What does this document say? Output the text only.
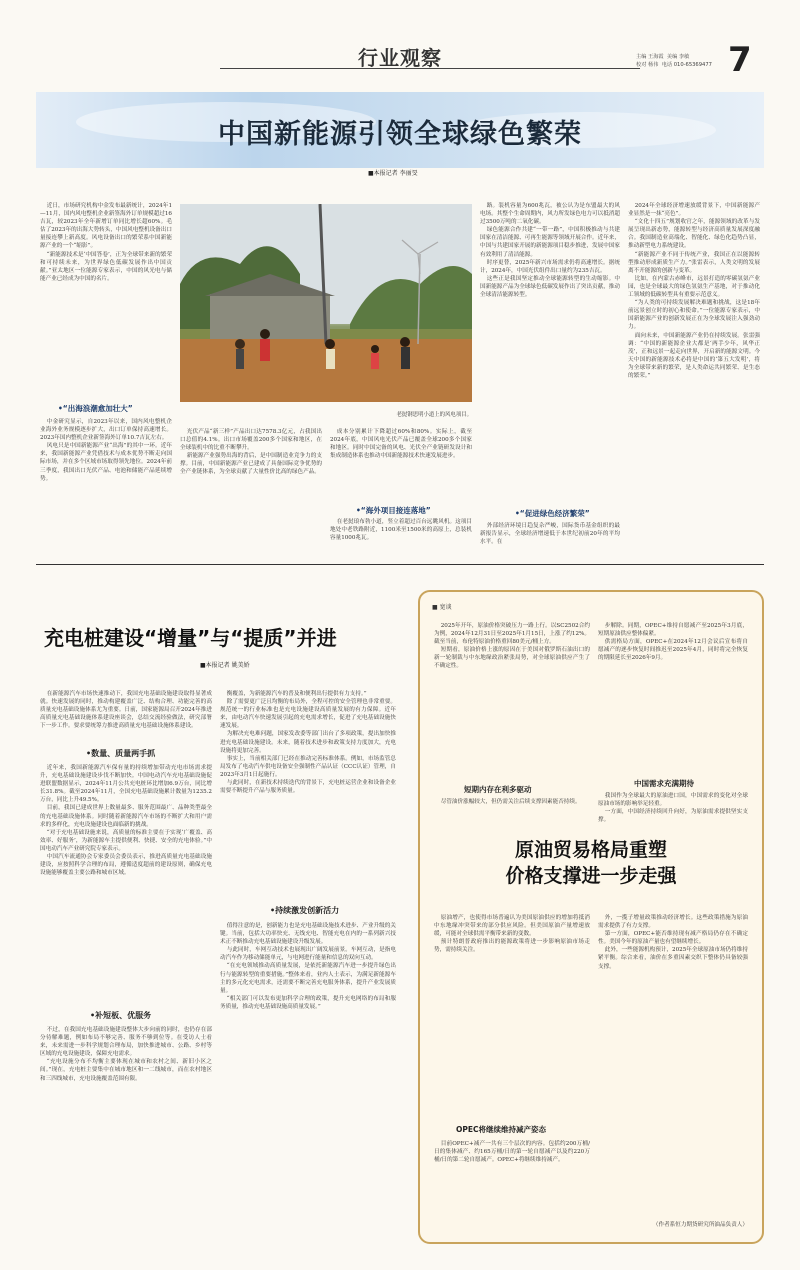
行业观察	主编 王海霞 美编 李敏
校对 杨伟 电话 010-65369477 7
中国新能源引领全球绿色繁荣
■本报记者 李丽旻
老挝钢思明小道上的风电项目。

近日，市场研究机构中金发布最新统计，2024年1—11月，国内风电整机企业新签海外订单规模超过16吉瓦，较2023年全年新增订单同比增长超60%。毛估了2023年的出海大势转头，中国风电整机设备出口量接连攀上新高度。风电设备出口的繁荣系中国新能源产业的一个“缩影”。

“新能源技术是‘中国答卷’，正为全球带来新的繁荣和可持续未来，为世界绿色低碳发展作出中国贡献。”亚太地区一位能源专家表示，中国的风光电与储能产业已经成为中国的名片。

•“出海浪潮愈加壮大”

中金研究显示，自2023年以来，国内风电整机企业海外业务规模逐步扩大，出口订单保持高速增长。2023年国内整机企业新签海外订单10.7吉瓦左右。

风电只是中国新能源产业“出海”的其中一环。近年来，我国新能源产业凭借技术与成本优势不断走向国际市场，并在多个区域市场取得领先地位。2024年前三季度，我国出口光伏产品、电池和储能产品延续增势。

光伏产品“新三样”产品出口达7578.3亿元，占我国出口总值的4.1%。出口市场覆盖200多个国家和地区，在全球装机中的比重不断攀升。

新能源产业强势出海的背后，是中国制造业竞争力的支撑。目前，中国新能源产业已建成了具备国际竞争优势的全产业链体系，为全球贡献了大量性价比高的绿色产品。

成本分别累计下降超过60%和80%。实际上，截至2024年底，中国风电光伏产品已覆盖全球200多个国家和地区。同时中国完备的风电、光伏全产业链研发设计和集成制造体系也推动中国新能源技术快速发展进步。

•“海外项目接连落地”

在老挝琅布勃小道，竖立着超过百台远眺风机。这项目地处中老铁路附近，1100米至1500米的高原上，总装机容量1000兆瓦。

路。装机容量为600兆瓦，被公认为是东盟最大的风电场。其整个生命周期内，风力所发绿色电力可以抵消超过3500万吨的二氧化碳。

绿色能源合作共建“一带一路”，中国积极推动与共建国家在清洁能源、可再生能源等领域开展合作。近年来，中国与共建国家开展的新能源项目稳步推进，发展中国家有效利用了清洁能源。

时序更替，2025年新兴市场需求仍将高速增长。据统计，2024年，中国光伏组件出口量约为235吉瓦。

这些正是我国坚定推动全球能源转型的生动缩影。中国新能源产品为全球绿色低碳发展作出了突出贡献，推动全球清洁能源转型。

•“促进绿色经济繁荣”

外部经济环境日趋复杂严峻，国际货币基金组织的最新报告显示，全球经济增速低于本世纪初前20年的平均水平。在

2024年全球经济增速放缓背景下，中国新能源产业显然是一抹“亮色”。

“文化十四五”规划收官之年，能源领域的改革与发展呈现出新态势，能源转型与经济高质量发展深度融合。我国制造业高端化、智能化、绿色化趋势凸显，推动新型电力系统建设。

“新能源产业不同于传统产业，我国正在以能源转型推动形成新质生产力。”张雷表示，人类文明的发展离不开能源的创新与变革。

比如，在内蒙古赤峰市，远景打造的零碳氢氨产业园，也是全球最大的绿色氢氨生产基地，对于推动化工领域的低碳转型具有重要示范意义。

“为人类的可持续发展解决难题和挑战，这是18年前远景创立时的初心和使命。”一位能源专家表示，中国新能源产业的创新发展正在为全球发展注入强劲动力。

面向未来，中国新能源产业仍在持续发展。张雷强调：“中国的新能源企业大都是‘两手少年，风华正茂’，正和远景一起走向世界，开启新的能源文明。今天中国的新能源技术必将是中国的‘第五大发明’，将为全球带来新的繁荣，是人类命运共同繁荣、是生态的繁荣。”

充电桩建设“增量”与“提质”并进
■本报记者 姚美娇

在新能源汽车市场快速推动下，我国充电基础设施建设取得显著成就。快速发展的同时，推动构建覆盖广泛、结构合理、功能完善的高质量充电基础设施体系尤为重要。日前，国家能源局召开2024年推进高质量充电基础设施体系建设座谈会，总结交流经验做法，研究部署下一步工作。要求要统筹力推进高质量充电基础设施体系建设。

•数量、质量两手抓

近年来，我国新能源汽车保有量的持续增加带动充电市场需求提升，充电基础设施建设步伐不断加快。中国电动汽车充电基础设施促进联盟数据显示，2024年11月公共充电桩环比增加6.9万台，同比增长31.8%。截至2024年11月，全国充电基础设施累计数量为1235.2万台，同比上升49.5%。

目前，我国已建成世界上数量最多、服务范围最广、品种类型最全的充电基础设施体系。同时随着新能源汽车市场的不断扩大和用户需求的多样化，充电设施建设也面临新的挑战。

“对于充电基础设施来说，高质量的标准主要在于实现‘广覆盖、高效率、好服务’，为新能源车主提供便利、快捷、安全的充电体验。”中国电动汽车产业研究院专家表示。

中国汽车流通协会专家委员会委员表示，推进高质量充电基础设施建设，应按照科学合理的布局，遵循适度超前的建设原则，确保充电设施能够覆盖主要公路和城市区域。

•补短板、优服务

不过，在我国充电基础设施建设整体大步向前的同时，也仍存在部分待解难题，例如布局不够完善、服务不够到位等。在受访人士看来，未来需进一步科学规划合理布局，加快推进城市、公路、乡村等区域的充电设施建设，保障充电需求。

“充电设施分布不均衡主要体现在城市和农村之间、新旧小区之间。”现在，充电桩主要集中在城市地区和一二线城市，而在农村地区和三四线城市，充电设施覆盖范围有限。

衡覆盖，为新能源汽车的普及和便利出行提供有力支持。”

除了需要更广泛且均衡的布局外，全程可控的安全管理也非常重要。规范统一的行业标准也是充电设施建设高质量发展的有力保障。近年来，由电动汽车快速发展引起的充电需求增长，促进了充电基础设施快速发展。

为解决充电难问题，国家发改委等部门出台了多项政策，提出加快推进充电基础设施建设。未来，随着技术进步和政策支持力度加大，充电设施将更加完善。

事实上，当前相关部门已经在推动完善标准体系。例如，市场监管总局发布了电动汽车供电设备安全强制性产品认证（CCC认证）管理，自2023年3月1日起施行。

与此同时，在新技术持续迭代的背景下，充电桩运营企业和设备企业需要不断提升产品与服务质量。

•持续激发创新活力

值得注意的是，创新能力也是充电基础设施技术进步、产业升级的关键。当前，包括大功率快充、无线充电、智能充电在内的一系列新兴技术正不断推动充电基础设施建设升级发展。

与此同时，车网互动技术也展现出广阔发展前景。车网互动，是指电动汽车作为移动储能单元，与电网进行能量和信息的双向互动。

“在充电领域推动高质量发展，是依托新能源汽车进一步提升绿色出行与能源转型的重要措施。”整体来看，业内人士表示，为满足新能源车主的多元化充电需求，还需要不断完善充电服务体系，提升产业发展质量。

“相关部门可以发布更加科学合理的政策，提升充电网络的布局和服务质量，推动充电基础设施高质量发展。”

■ 宽谈

2025年开年，原油价格突破压力一路上行。以SC2502合约为例，2024年12月31日至2025年1月15日，上涨了约12%。截至当前，布伦特原油价格重回80美元/桶上方。

短期看，原油价格上涨的原因在于美国对俄罗斯石油出口的新一轮制裁与中东地缘政治紧张局势，对全球原油供应产生了不确定性。

短期内存在利多驱动

尽管油价涨幅较大，但仍需关注后续支撑因素能否持续。

步解除。同期，OPEC+维持自愿减产至2025年3月底，短期原油供应整体偏紧。

供需格局方面，OPEC+在2024年12月会议后宣布将自愿减产的逐步恢复时间推迟至2025年4月，同时将完全恢复的期限延长至2026年9月。

中国需求充满期待

我国作为全球最大的原油进口国，中国需求的变化对全球原油市场的影响举足轻重。

一方面，中国经济持续回升向好，为原油需求提供坚实支撑。

原油贸易格局重塑
价格支撑进一步走强

原油增产，也使得市场普遍认为美国原油供应的增加将抵消中东地缘冲突带来的部分供应风险。但美国原油产量增速放缓，可能对全球供需平衡带来新的变数。

预计特朗普政府推出的能源政策将进一步影响原油市场走势，需持续关注。

OPEC将继续维持减产姿态

目前OPEC+减产一共有三个层次的内容。包括约200万桶/日的集体减产、约165万桶/日的第一轮自愿减产以及约220万桶/日的第二轮自愿减产。OPEC+将继续维持减产。

外，一揽子增量政策推动经济增长。这些政策措施为原油需求提供了有力支撑。

第一方面，OPEC+能否维持现有减产格局仍存在不确定性。美国今年的原油产量也有望继续增长。

此外，一些能源机构预计，2025年全球原油市场仍将维持紧平衡。综合来看，油价在多重因素交织下整体仍具备较强支撑。

（作者系恒力期货研究所油品负责人）
